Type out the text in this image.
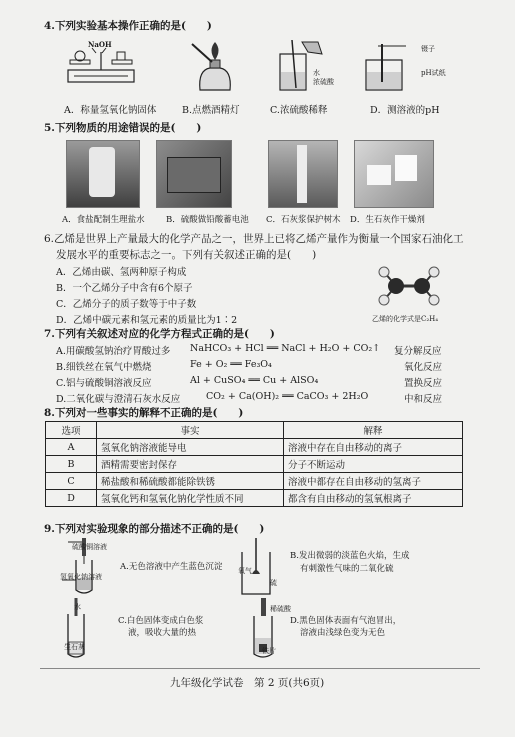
4.下列实验基本操作正确的是(　　)
NaOH
水
浓硫酸
镊子
pH试纸
A．称量氢氧化钠固体	B.点燃酒精灯	C.浓硫酸稀释	D．测溶液的pH
5.下列物质的用途错误的是(　　)
A．食盐配制生理盐水	B．硫酸做铅酸蓄电池 C．石灰浆保护树木 D．生石灰作干燥剂
6.乙烯是世界上产量最大的化学产品之一，世界上已将乙烯产量作为衡量一个国家石油化工
发展水平的重要标志之一。下列有关叙述正确的是(　　)
A．乙烯由碳、氢两种原子构成
B．一个乙烯分子中含有6个原子
C．乙烯分子的质子数等于中子数
D．乙烯中碳元素和氢元素的质量比为1∶2	乙烯的化学式是C₂H₄
7.下列有关叙述对应的化学方程式正确的是(　　)
A.用碳酸氢钠治疗胃酸过多 NaHCO₃ + HCl ══ NaCl + H₂O + CO₂↑ 复分解反应
B.细铁丝在氧气中燃烧	Fe + O₂ ══ Fe₃O₄	氧化反应
C.铝与硫酸铜溶液反应	Al + CuSO₄ ══ Cu + AlSO₄	置换反应
D.二氧化碳与澄清石灰水反应	CO₂ + Ca(OH)₂ ══ CaCO₃ + 2H₂O	中和反应
8.下列对一些事实的解释不正确的是(　　)
选项	事实	解释
A	氢氧化钠溶液能导电	溶液中存在自由移动的离子
B	酒精需要密封保存	分子不断运动
C	稀盐酸和稀硫酸都能除铁锈	溶液中都存在自由移动的氢离子
D	氢氧化钙和氢氧化钠化学性质不同	都含有自由移动的氢氧根离子
9.下列对实验现象的部分描述不正确的是(　　)
硫酸铜溶液
氢氧化钠溶液
A.无色溶液中产生蓝色沉淀 氧气
硫
B.发出微弱的淡蓝色火焰，生成
有刺激性气味的二氧化硫
水
生石灰
C.白色固体变成白色浆
液，吸收大量的热
稀硫酸
铁片
D.黑色固体表面有气泡冒出，
溶液由浅绿色变为无色
九年级化学试卷　第 2 页(共6页)
